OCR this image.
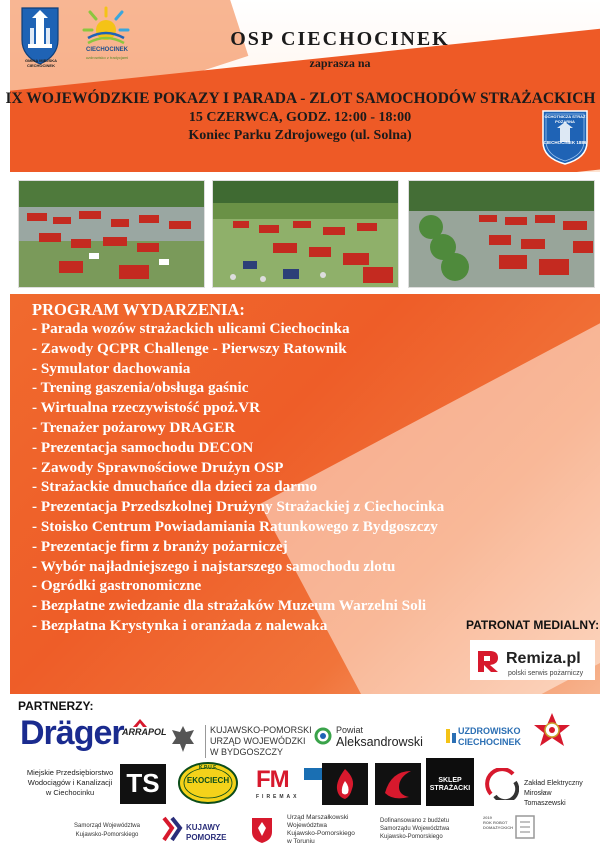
GMINA MIEJSKA CIECHOCINEK
CIECHOCINEK
uzdrowisko z tradycjami
OSP CIECHOCINEK
zaprasza na
IX WOJEWÓDZKIE POKAZY I PARADA - ZLOT SAMOCHODÓW STRAŻACKICH
15 CZERWCA, GODZ. 12:00 - 18:00
Koniec Parku Zdrojowego (ul. Solna)
OCHOTNICZA STRAŻ POŻARNA
CIECHOCINEK 1886
PROGRAM WYDARZENIA:
- Parada wozów strażackich ulicami Ciechocinka
- Zawody QCPR Challenge - Pierwszy Ratownik
- Symulator dachowania
- Trening gaszenia/obsługa gaśnic
- Wirtualna rzeczywistość ppoż.VR
- Trenażer pożarowy DRAGER
- Prezentacja samochodu DECON
- Zawody Sprawnościowe Drużyn OSP
- Strażackie dmuchańce dla dzieci za darmo
- Prezentacja Przedszkolnej Drużyny Strażackiej z Ciechocinka
- Stoisko Centrum Powiadamiania Ratunkowego z Bydgoszczy
- Prezentacje firm z branży pożarniczej
- Wybór najładniejszego i najstarszego samochodu zlotu
- Ogródki gastronomiczne
- Bezpłatne zwiedzanie dla strażaków Muzeum Warzelni Soli
- Bezpłatna Krystynka i oranżada z nalewaka	PATRONAT MEDIALNY:
Remiza.pl
polski serwis pożarniczy
PARTNERZY:
Dräger
ARRAPOL	KUJAWSKO-POMORSKI
URZĄD WOJEWÓDZKI
W BYDGOSZCZY
Powiat
Aleksandrowski
UZDROWISKO
CIECHOCINEK
Miejskie Przedsiębiorstwo
Wodociągów i Kanalizacji
w Ciechocinku	TS	K.P.U.F.
EKOCIECH	FM
FIREMAX
SKLEP STRAŻACKI
Zakład Elektryczny
Mirosław Tomaszewski
Samorząd Województwa
Kujawsko-Pomorskiego
KUJAWY
POMORZE
Urząd Marszałkowski
Województwa
Kujawsko-Pomorskiego
w Toruniu
Dofinansowano z budżetu
Samorządu Województwa
Kujawsko-Pomorskiego
2019
ROK ROBOT
DOMAŻYCKICH
